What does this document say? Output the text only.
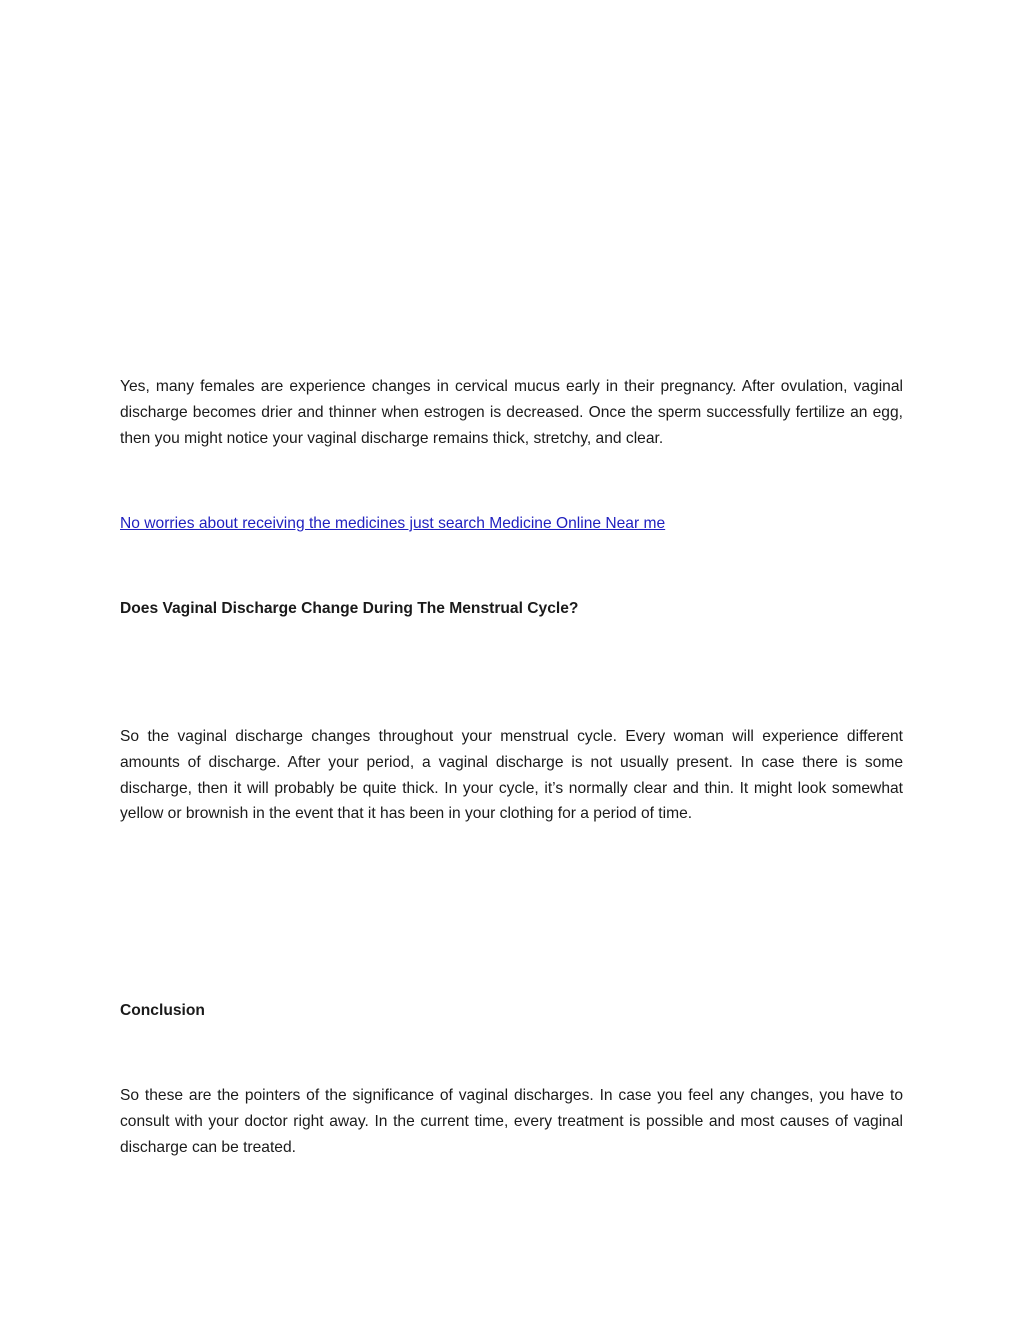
Yes, many females are experience changes in cervical mucus early in their pregnancy. After ovulation, vaginal discharge becomes drier and thinner when estrogen is decreased. Once the sperm successfully fertilize an egg, then you might notice your vaginal discharge remains thick, stretchy, and clear.

No worries about receiving the medicines just search Medicine Online Near me

Does Vaginal Discharge Change During The Menstrual Cycle?

So the vaginal discharge changes throughout your menstrual cycle. Every woman will experience different amounts of discharge. After your period, a vaginal discharge is not usually present. In case there is some discharge, then it will probably be quite thick. In your cycle, it’s normally clear and thin. It might look somewhat yellow or brownish in the event that it has been in your clothing for a period of time.

Conclusion

So these are the pointers of the significance of vaginal discharges. In case you feel any changes, you have to consult with your doctor right away. In the current time, every treatment is possible and most causes of vaginal discharge can be treated.
